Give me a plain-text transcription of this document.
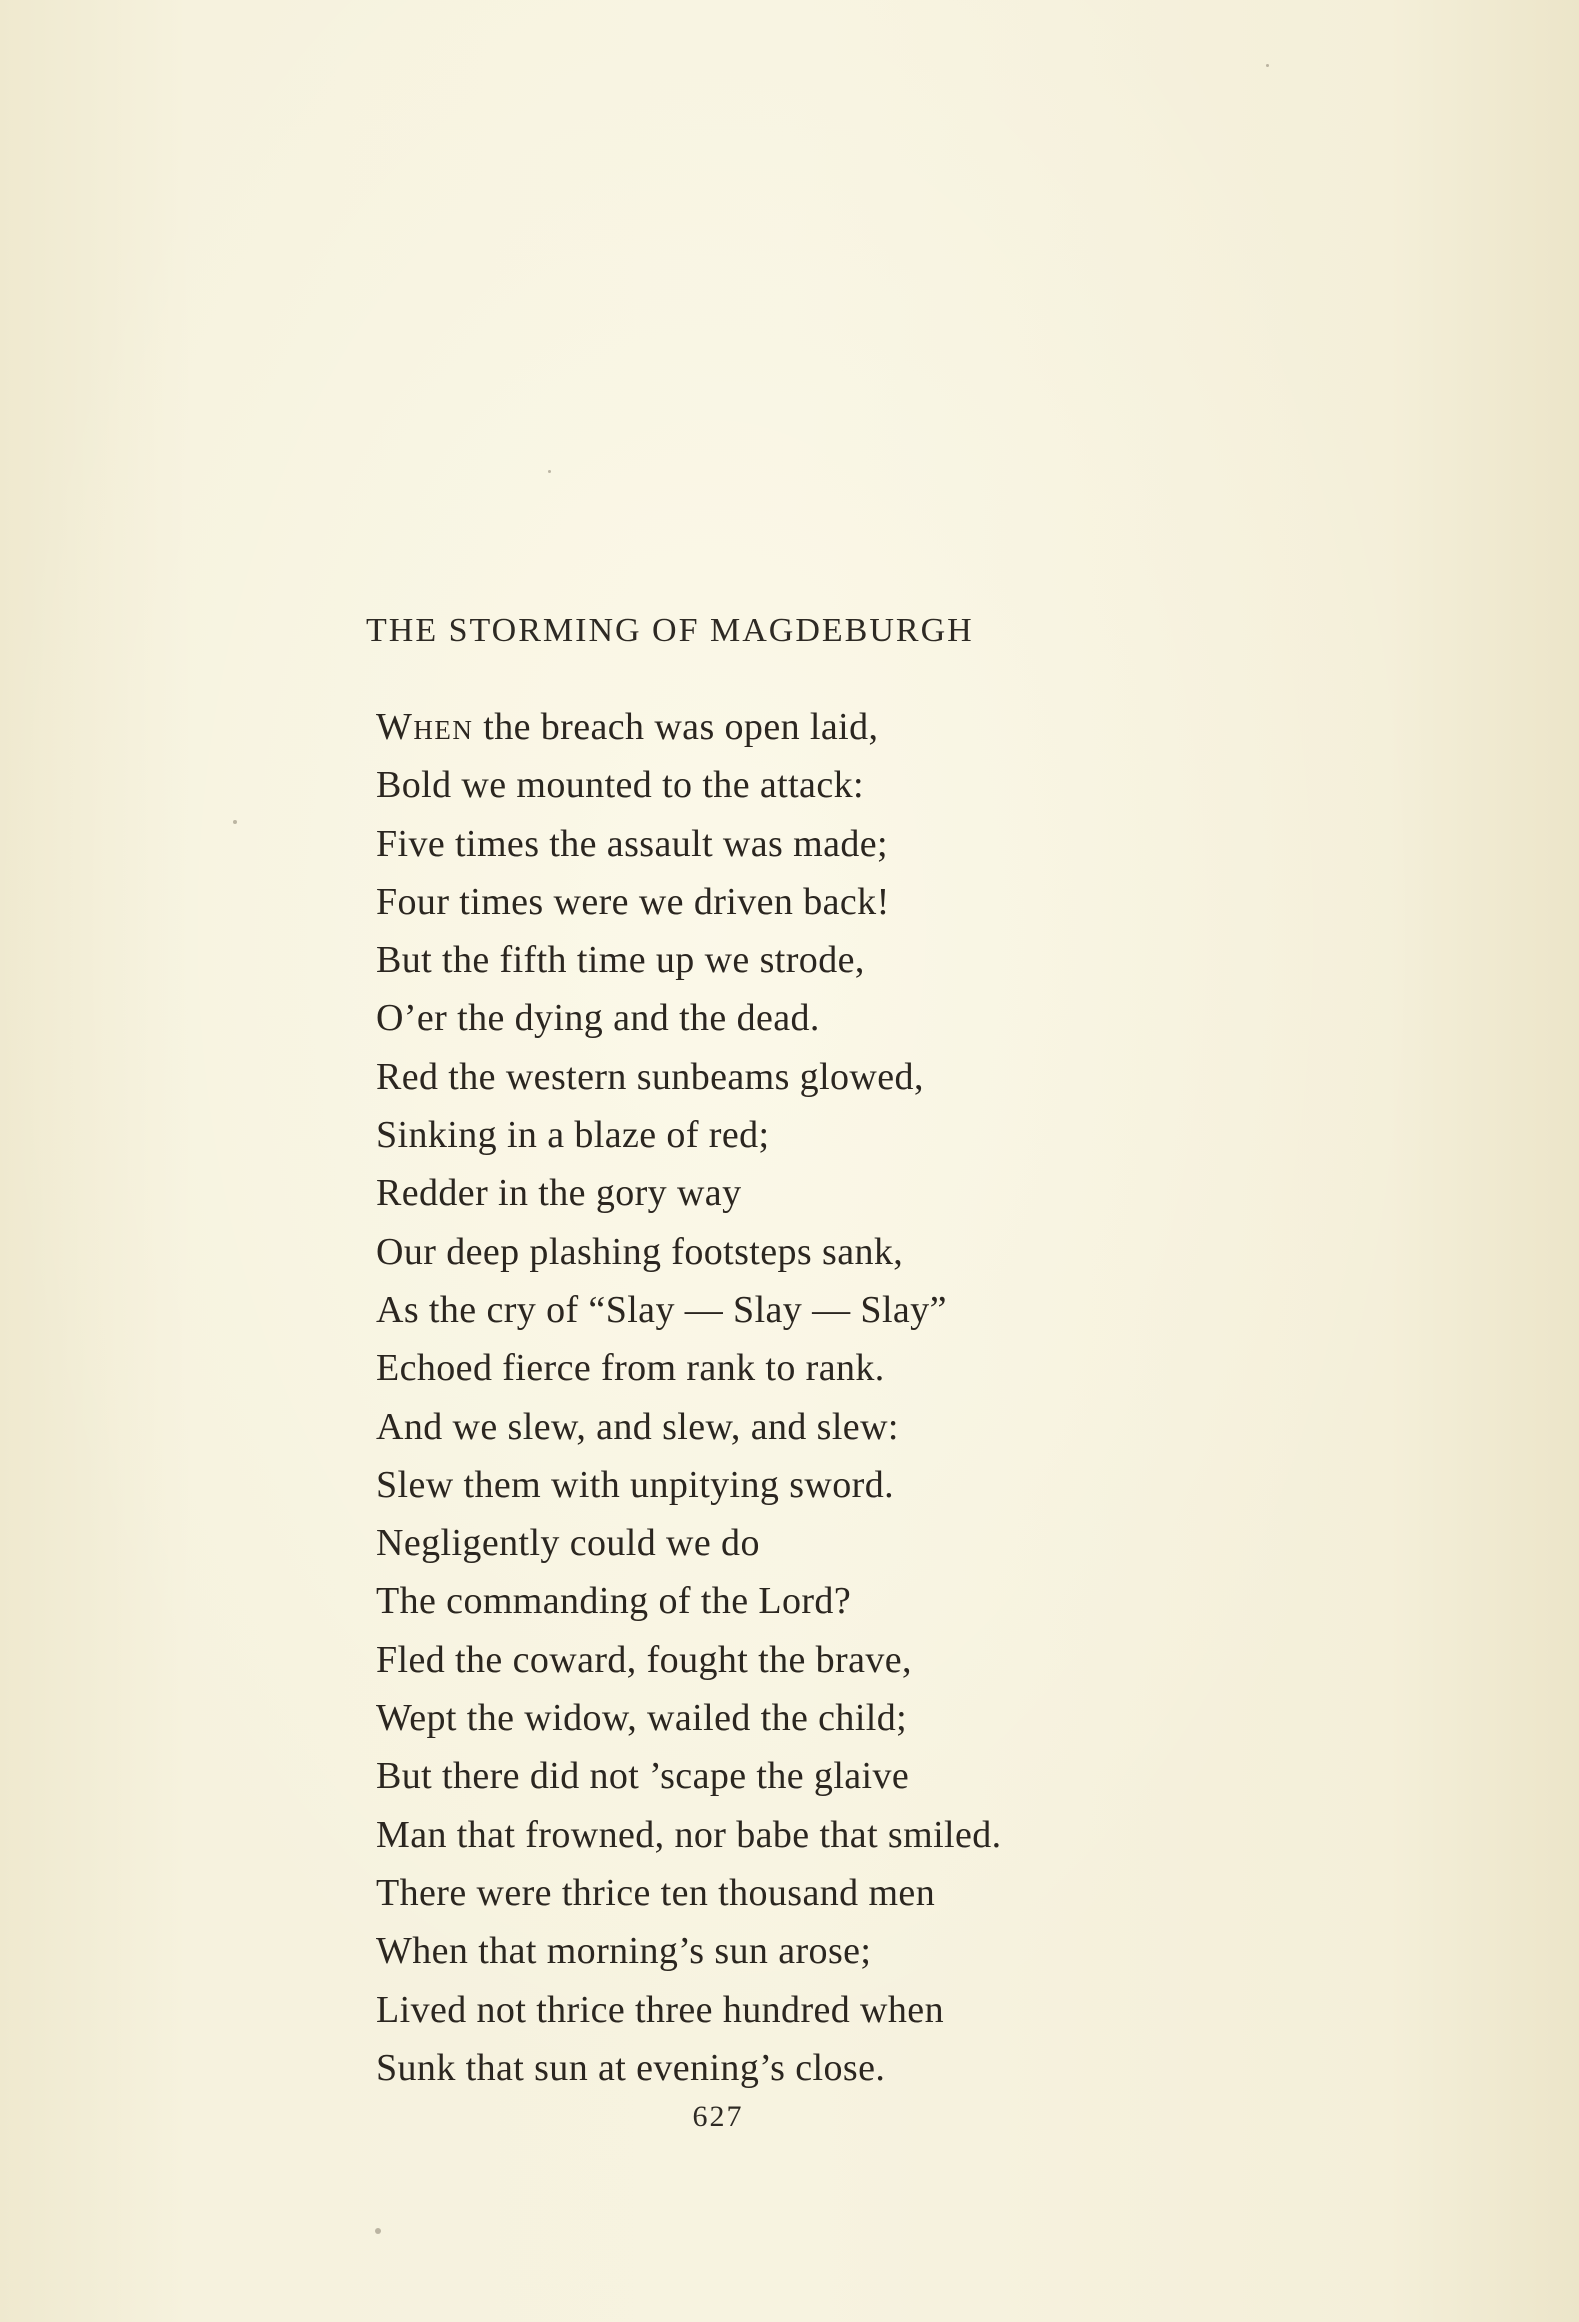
THE STORMING OF MAGDEBURGH
When the breach was open laid,
Bold we mounted to the attack:
Five times the assault was made;
Four times were we driven back!
But the fifth time up we strode,
O’er the dying and the dead.
Red the western sunbeams glowed,
Sinking in a blaze of red;
Redder in the gory way
Our deep plashing footsteps sank,
As the cry of “Slay — Slay — Slay”
Echoed fierce from rank to rank.
And we slew, and slew, and slew:
Slew them with unpitying sword.
Negligently could we do
The commanding of the Lord?
Fled the coward, fought the brave,
Wept the widow, wailed the child;
But there did not ’scape the glaive
Man that frowned, nor babe that smiled.
There were thrice ten thousand men
When that morning’s sun arose;
Lived not thrice three hundred when
Sunk that sun at evening’s close.
627
